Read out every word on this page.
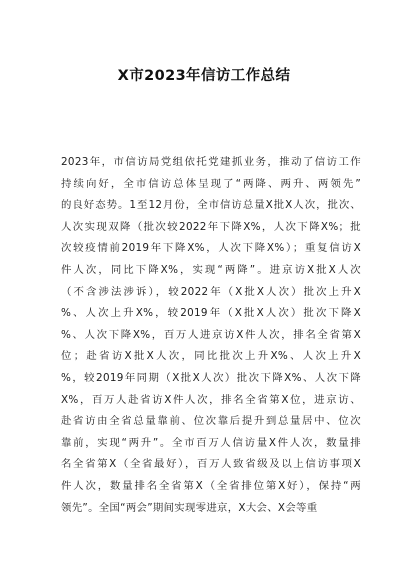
X市2023年信访工作总结
2023年，市信访局党组依托党建抓业务，推动了信访工作
持续向好，全市信访总体呈现了“两降、两升、两领先”
的良好态势。1至12月份，全市信访总量X批X人次，批次、
人次实现双降（批次较2022年下降X%，人次下降X%；批
次较疫情前2019年下降X%，人次下降X%）；重复信访X
件人次，同比下降X%，实现“两降”。进京访X批X人次
（不含涉法涉诉），较2022年（X批X人次）批次上升X
%、人次上升X%，较2019年（X批X人次）批次下降X
%、人次下降X%，百万人进京访X件人次，排名全省第X
位；赴省访X批X人次，同比批次上升X%、人次上升X
%，较2019年同期（X批X人次）批次下降X%、人次下降
X%，百万人赴省访X件人次，排名全省第X位，进京访、
赴省访由全省总量靠前、位次靠后提升到总量居中、位次
靠前，实现“两升”。全市百万人信访量X件人次，数量排
名全省第X（全省最好），百万人致省级及以上信访事项X
件人次，数量排名全省第X（全省排位第X好），保持“两
领先”。全国“两会”期间实现零进京，X大会、X会等重
